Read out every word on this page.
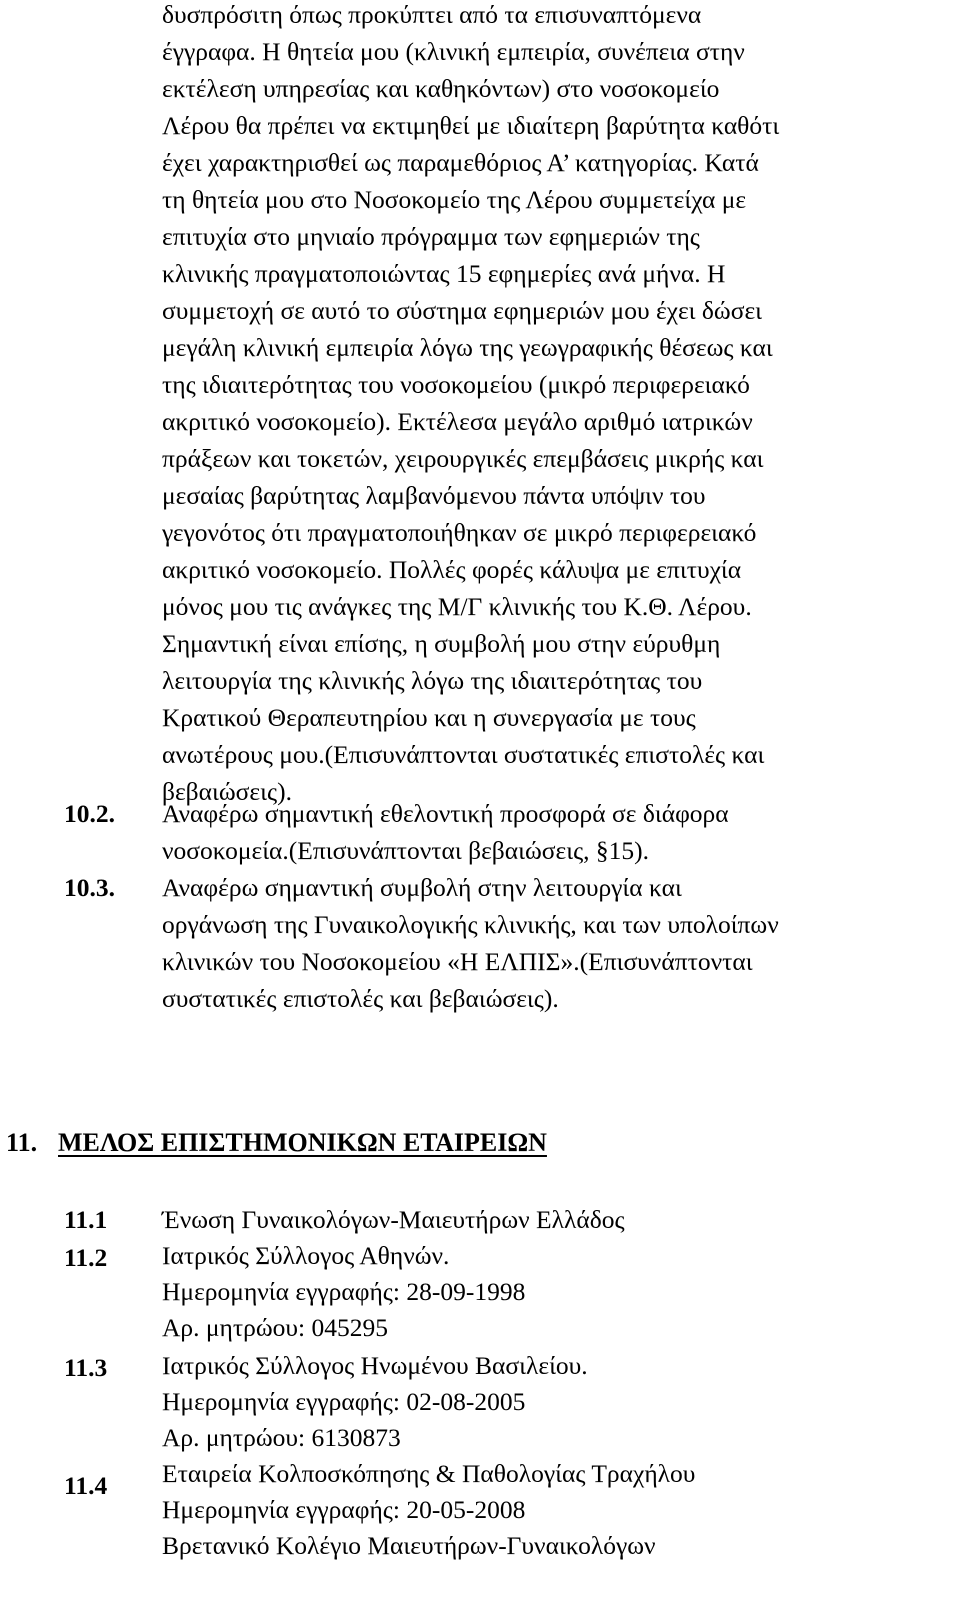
δυσπρόσιτη όπως προκύπτει από τα επισυναπτόμενα
έγγραφα. Η θητεία μου (κλινική εμπειρία, συνέπεια στην
εκτέλεση υπηρεσίας και καθηκόντων) στο νοσοκομείο
Λέρου θα πρέπει να εκτιμηθεί με ιδιαίτερη βαρύτητα καθότι
έχει χαρακτηρισθεί ως παραμεθόριος Α’ κατηγορίας. Κατά
τη θητεία μου στο Νοσοκομείο της Λέρου συμμετείχα με
επιτυχία στο μηνιαίο πρόγραμμα των εφημεριών της
κλινικής πραγματοποιώντας 15 εφημερίες ανά μήνα. Η
συμμετοχή σε αυτό το σύστημα εφημεριών μου έχει δώσει
μεγάλη κλινική εμπειρία λόγω της γεωγραφικής θέσεως και
της ιδιαιτερότητας του νοσοκομείου (μικρό περιφερειακό
ακριτικό νοσοκομείο). Εκτέλεσα μεγάλο αριθμό ιατρικών
πράξεων και τοκετών, χειρουργικές επεμβάσεις μικρής και
μεσαίας βαρύτητας λαμβανόμενου πάντα υπόψιν του
γεγονότος ότι πραγματοποιήθηκαν σε μικρό περιφερειακό
ακριτικό νοσοκομείο. Πολλές φορές κάλυψα με επιτυχία
μόνος μου τις ανάγκες της Μ/Γ κλινικής του Κ.Θ. Λέρου.
Σημαντική είναι επίσης, η συμβολή μου στην εύρυθμη
λειτουργία της κλινικής λόγω της ιδιαιτερότητας του
Κρατικού Θεραπευτηρίου και η συνεργασία με τους
ανωτέρους μου.(Επισυνάπτονται συστατικές επιστολές και
βεβαιώσεις).
10.2. Αναφέρω σημαντική εθελοντική προσφορά σε διάφορα
νοσοκομεία.(Επισυνάπτονται βεβαιώσεις, §15).
10.3. Αναφέρω σημαντική συμβολή στην λειτουργία και
οργάνωση της Γυναικολογικής κλινικής, και των υπολοίπων
κλινικών του Νοσοκομείου «Η ΕΛΠΙΣ».(Επισυνάπτονται
συστατικές επιστολές και βεβαιώσεις).
11. ΜΕΛΟΣ ΕΠΙΣΤΗΜΟΝΙΚΩΝ ΕΤΑΙΡΕΙΩΝ
11.1 Ένωση Γυναικολόγων-Μαιευτήρων Ελλάδος
11.2 Ιατρικός Σύλλογος Αθηνών.
Ημερομηνία εγγραφής: 28-09-1998
Αρ. μητρώου: 045295
11.3 Ιατρικός Σύλλογος Ηνωμένου Βασιλείου.
Ημερομηνία εγγραφής: 02-08-2005
Αρ. μητρώου: 6130873
11.4 Εταιρεία Κολποσκόπησης & Παθολογίας Τραχήλου
Ημερομηνία εγγραφής: 20-05-2008
Βρετανικό Κολέγιο Μαιευτήρων-Γυναικολόγων
